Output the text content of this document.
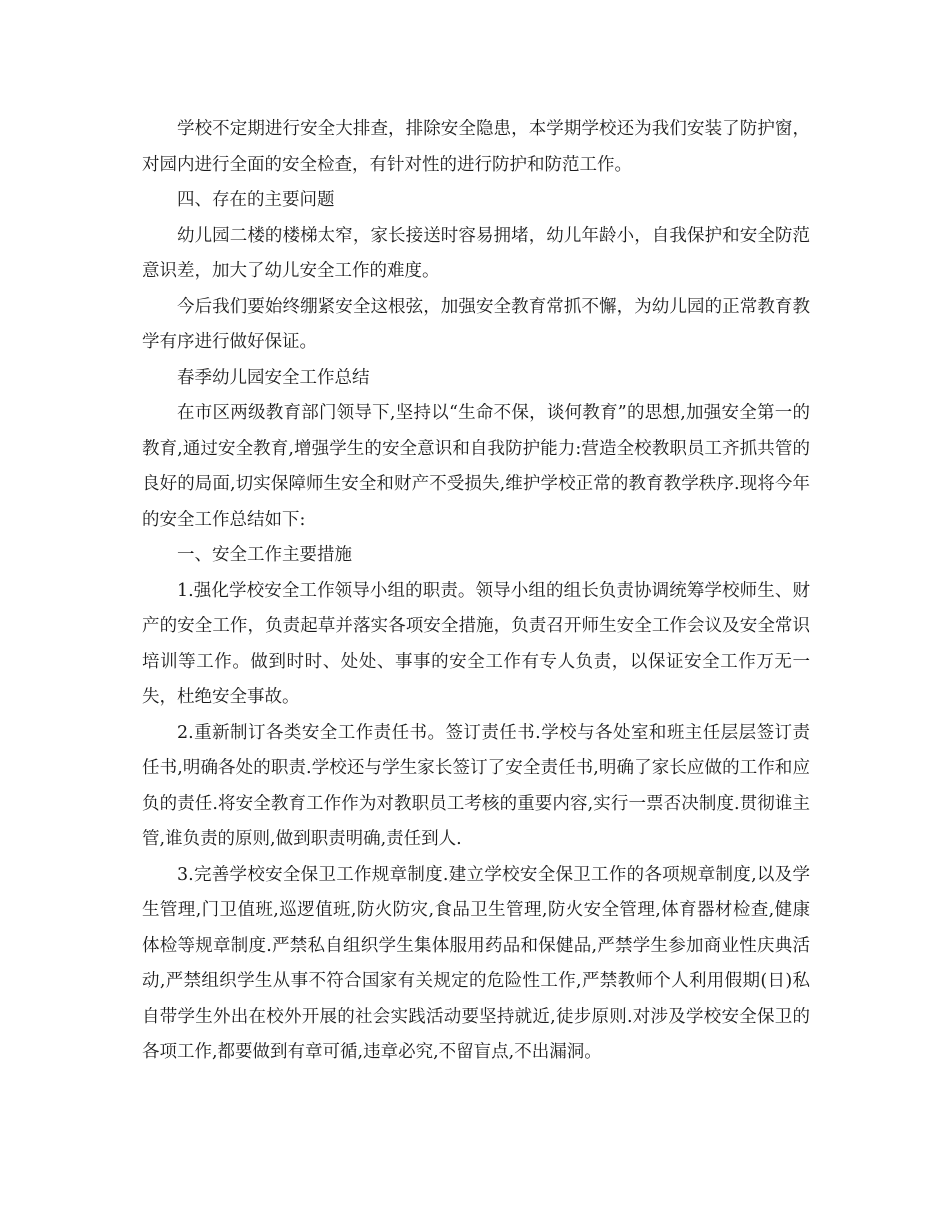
学校不定期进行安全大排查，排除安全隐患，本学期学校还为我们安装了防护窗，对园内进行全面的安全检查，有针对性的进行防护和防范工作。

四、存在的主要问题

幼儿园二楼的楼梯太窄，家长接送时容易拥堵，幼儿年龄小，自我保护和安全防范意识差，加大了幼儿安全工作的难度。

今后我们要始终绷紧安全这根弦，加强安全教育常抓不懈，为幼儿园的正常教育教学有序进行做好保证。

春季幼儿园安全工作总结

在市区两级教育部门领导下,坚持以“生命不保，谈何教育”的思想,加强安全第一的教育,通过安全教育,增强学生的安全意识和自我防护能力:营造全校教职员工齐抓共管的良好的局面,切实保障师生安全和财产不受损失,维护学校正常的教育教学秩序.现将今年的安全工作总结如下:

一、安全工作主要措施

1.强化学校安全工作领导小组的职责。领导小组的组长负责协调统筹学校师生、财产的安全工作，负责起草并落实各项安全措施，负责召开师生安全工作会议及安全常识培训等工作。做到时时、处处、事事的安全工作有专人负责，以保证安全工作万无一失，杜绝安全事故。

2.重新制订各类安全工作责任书。签订责任书.学校与各处室和班主任层层签订责任书,明确各处的职责.学校还与学生家长签订了安全责任书,明确了家长应做的工作和应负的责任.将安全教育工作作为对教职员工考核的重要内容,实行一票否决制度.贯彻谁主管,谁负责的原则,做到职责明确,责任到人.

3.完善学校安全保卫工作规章制度.建立学校安全保卫工作的各项规章制度,以及学生管理,门卫值班,巡逻值班,防火防灾,食品卫生管理,防火安全管理,体育器材检查,健康体检等规章制度.严禁私自组织学生集体服用药品和保健品,严禁学生参加商业性庆典活动,严禁组织学生从事不符合国家有关规定的危险性工作,严禁教师个人利用假期(日)私自带学生外出在校外开展的社会实践活动要坚持就近,徒步原则.对涉及学校安全保卫的各项工作,都要做到有章可循,违章必究,不留盲点,不出漏洞。
